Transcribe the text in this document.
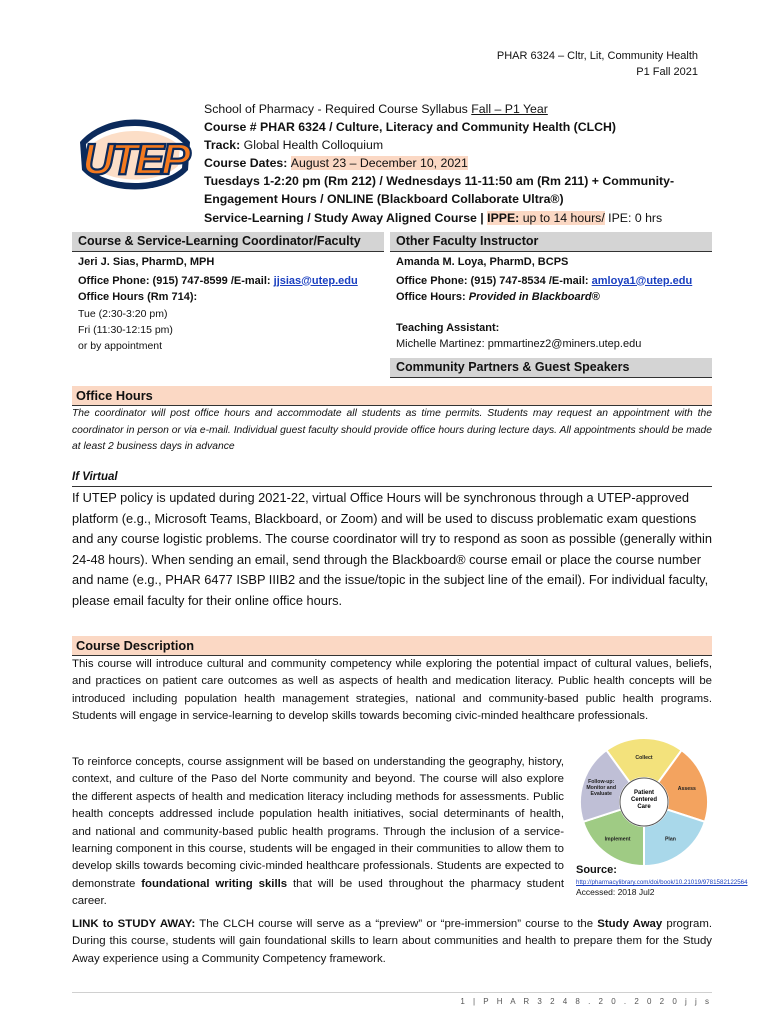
PHAR 6324 – Cltr, Lit, Community Health
P1 Fall 2021
UTEP
School of Pharmacy - Required Course Syllabus Fall – P1 Year
Course # PHAR 6324 / Culture, Literacy and Community Health (CLCH)
Track: Global Health Colloquium
Course Dates: August 23 – December 10, 2021
Tuesdays 1-2:20 pm (Rm 212) / Wednesdays 11-11:50 am (Rm 211) + Community-
Engagement Hours / ONLINE (Blackboard Collaborate Ultra®)
Service-Learning / Study Away Aligned Course | IPPE: up to 14 hours/ IPE: 0 hrs
Course & Service-Learning Coordinator/Faculty	Other Faculty Instructor
Jeri J. Sias, PharmD, MPH
Office Phone: (915) 747-8599 /E-mail: jjsias@utep.edu
Office Hours (Rm 714):
Tue (2:30-3:20 pm)
Fri (11:30-12:15 pm)
or by appointment
Amanda M. Loya, PharmD, BCPS
Office Phone: (915) 747-8534 /E-mail: amloya1@utep.edu
Office Hours: Provided in Blackboard®
Teaching Assistant:
Michelle Martinez: pmmartinez2@miners.utep.edu
Community Partners & Guest Speakers
Office Hours
The coordinator will post office hours and accommodate all students as time permits. Students may request an appointment with the coordinator in person or via e-mail. Individual guest faculty should provide office hours during lecture days. All appointments should be made at least 2 business days in advance
If Virtual
If UTEP policy is updated during 2021-22, virtual Office Hours will be synchronous through a UTEP-approved platform (e.g., Microsoft Teams, Blackboard, or Zoom) and will be used to discuss problematic exam questions and any course logistic problems. The course coordinator will try to respond as soon as possible (generally within 24-48 hours). When sending an email, send through the Blackboard® course email or place the course number and name (e.g., PHAR 6477 ISBP IIIB2 and the issue/topic in the subject line of the email). For individual faculty, please email faculty for their online office hours.
Course Description
This course will introduce cultural and community competency while exploring the potential impact of cultural values, beliefs, and practices on patient care outcomes as well as aspects of health and medication literacy. Public health concepts will be introduced including population health management strategies, national and community-based public health programs. Students will engage in service-learning to develop skills towards becoming civic-minded healthcare professionals.
To reinforce concepts, course assignment will be based on understanding the geography, history, context, and culture of the Paso del Norte community and beyond. The course will also explore the different aspects of health and medication literacy including methods for assessments. Public health concepts addressed include population health initiatives, social determinants of health, and national and community-based public health programs. Through the inclusion of a service-learning component in this course, students will be engaged in their communities to allow them to develop skills towards becoming civic-minded healthcare professionals. Students are expected to demonstrate foundational writing skills that will be used throughout the pharmacy student career.
Patient Centered Care
Collect
Assess
Plan
Implement
Follow-up: Monitor and Evaluate
Source:
http://pharmacylibrary.com/doi/book/10.21019/9781582122564 Accessed: 2018 Jul2
LINK to STUDY AWAY: The CLCH course will serve as a “preview” or “pre-immersion” course to the Study Away program. During this course, students will gain foundational skills to learn about communities and health to prepare them for the Study Away experience using a Community Competency framework.
1 | P H A R 3 2 4 8 . 2 0 . 2 0 2 0 j j s
